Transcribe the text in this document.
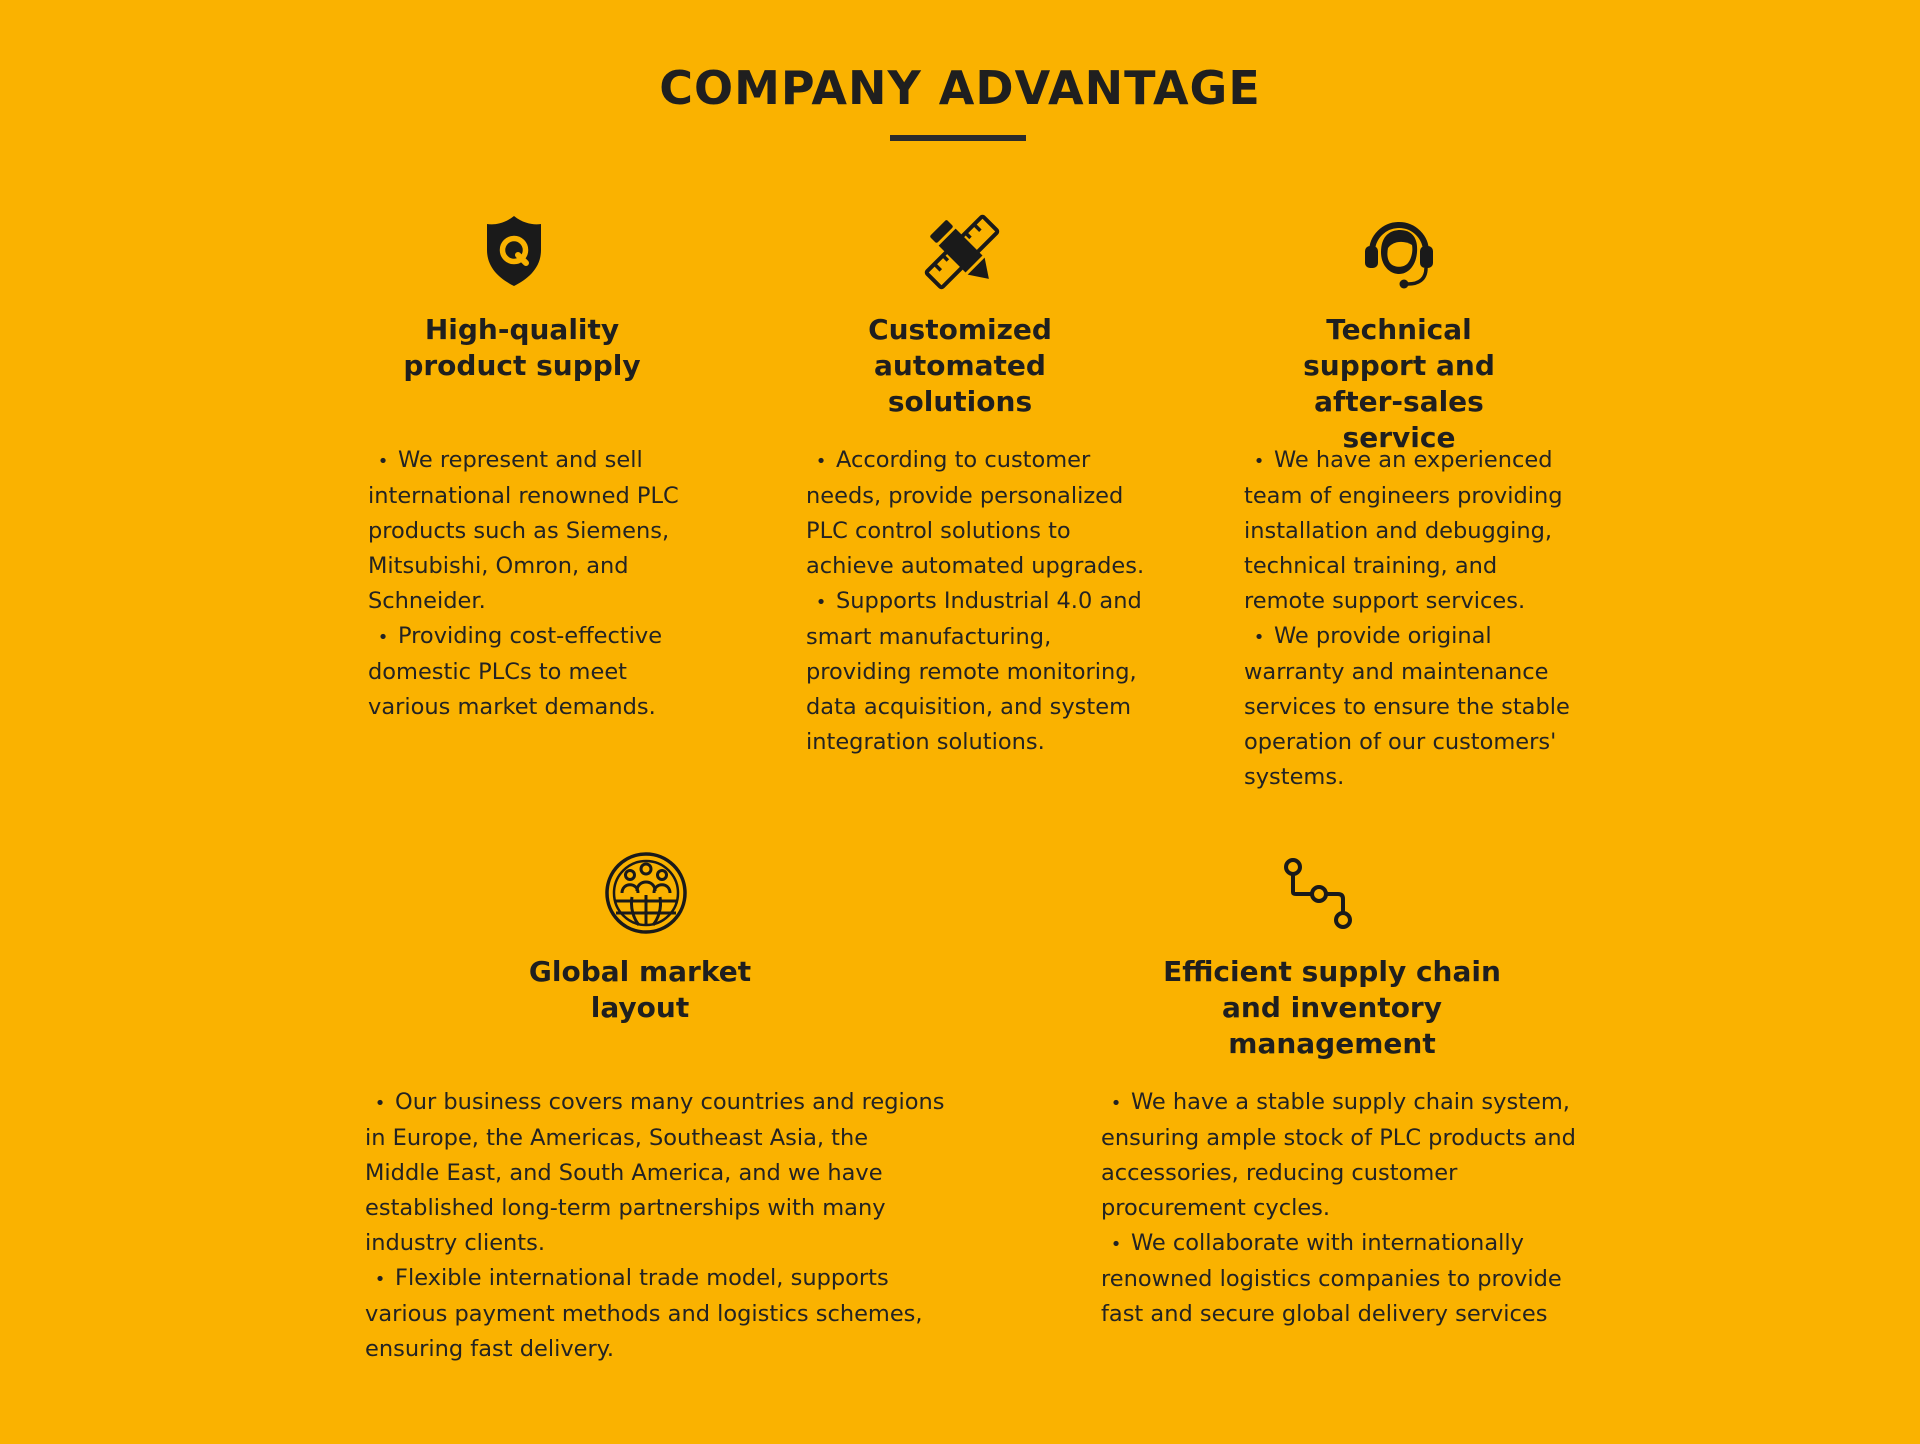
COMPANY ADVANTAGE
High-quality product supply
• We represent and sell international renowned PLC products such as Siemens, Mitsubishi, Omron, and Schneider.
• Providing cost-effective domestic PLCs to meet various market demands.
Customized automated solutions
• According to customer needs, provide personalized PLC control solutions to achieve automated upgrades.
• Supports Industrial 4.0 and smart manufacturing, providing remote monitoring, data acquisition, and system integration solutions.
Technical support and after-sales service
• We have an experienced team of engineers providing installation and debugging, technical training, and remote support services.
• We provide original warranty and maintenance services to ensure the stable operation of our customers' systems.
Global market layout
• Our business covers many countries and regions in Europe, the Americas, Southeast Asia, the Middle East, and South America, and we have established long-term partnerships with many industry clients.
• Flexible international trade model, supports various payment methods and logistics schemes, ensuring fast delivery.
Efficient supply chain and inventory management
• We have a stable supply chain system, ensuring ample stock of PLC products and accessories, reducing customer procurement cycles.
• We collaborate with internationally renowned logistics companies to provide fast and secure global delivery services
